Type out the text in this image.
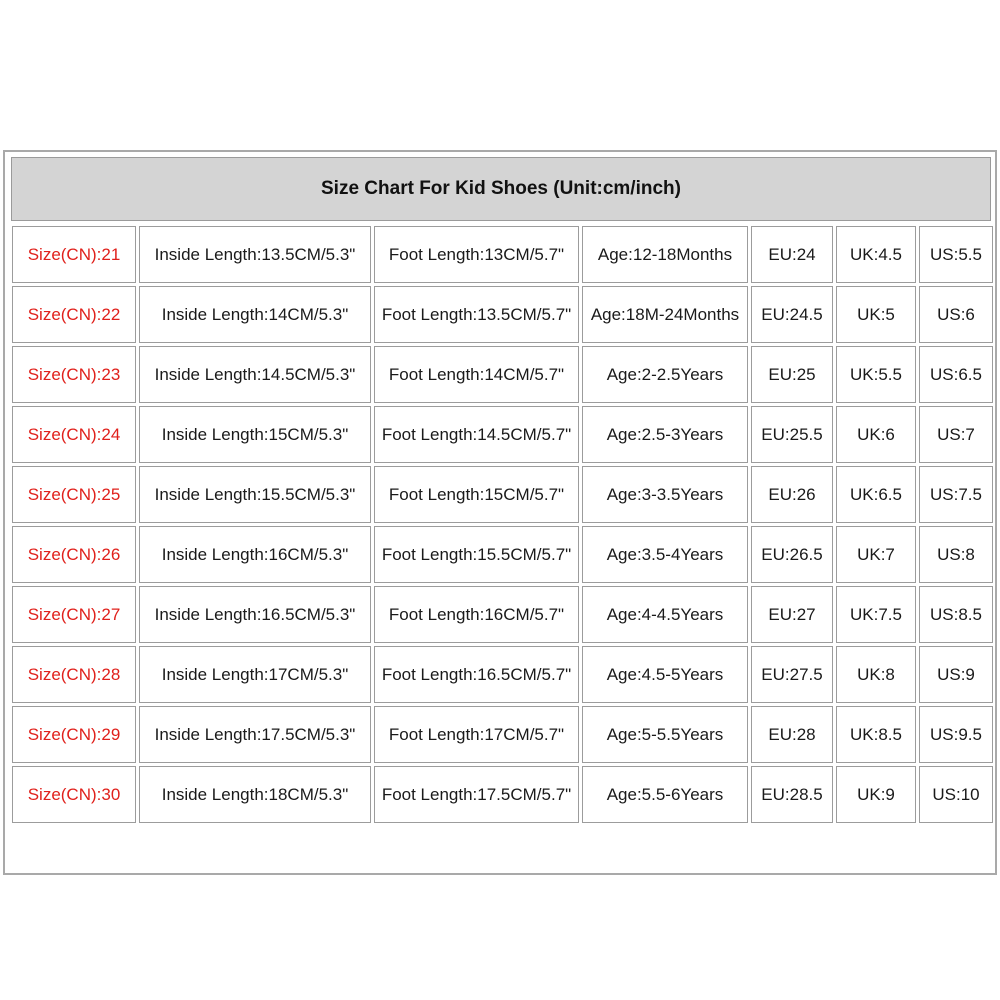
Size Chart For Kid Shoes (Unit:cm/inch)
Size(CN):21	Inside Length:13.5CM/5.3"	Foot Length:13CM/5.7"	Age:12-18Months	EU:24	UK:4.5	US:5.5
Size(CN):22	Inside Length:14CM/5.3"	Foot Length:13.5CM/5.7"	Age:18M-24Months	EU:24.5	UK:5	US:6
Size(CN):23	Inside Length:14.5CM/5.3"	Foot Length:14CM/5.7"	Age:2-2.5Years	EU:25	UK:5.5	US:6.5
Size(CN):24	Inside Length:15CM/5.3"	Foot Length:14.5CM/5.7"	Age:2.5-3Years	EU:25.5	UK:6	US:7
Size(CN):25	Inside Length:15.5CM/5.3"	Foot Length:15CM/5.7"	Age:3-3.5Years	EU:26	UK:6.5	US:7.5
Size(CN):26	Inside Length:16CM/5.3"	Foot Length:15.5CM/5.7"	Age:3.5-4Years	EU:26.5	UK:7	US:8
Size(CN):27	Inside Length:16.5CM/5.3"	Foot Length:16CM/5.7"	Age:4-4.5Years	EU:27	UK:7.5	US:8.5
Size(CN):28	Inside Length:17CM/5.3"	Foot Length:16.5CM/5.7"	Age:4.5-5Years	EU:27.5	UK:8	US:9
Size(CN):29	Inside Length:17.5CM/5.3"	Foot Length:17CM/5.7"	Age:5-5.5Years	EU:28	UK:8.5	US:9.5
Size(CN):30	Inside Length:18CM/5.3"	Foot Length:17.5CM/5.7"	Age:5.5-6Years	EU:28.5	UK:9	US:10
